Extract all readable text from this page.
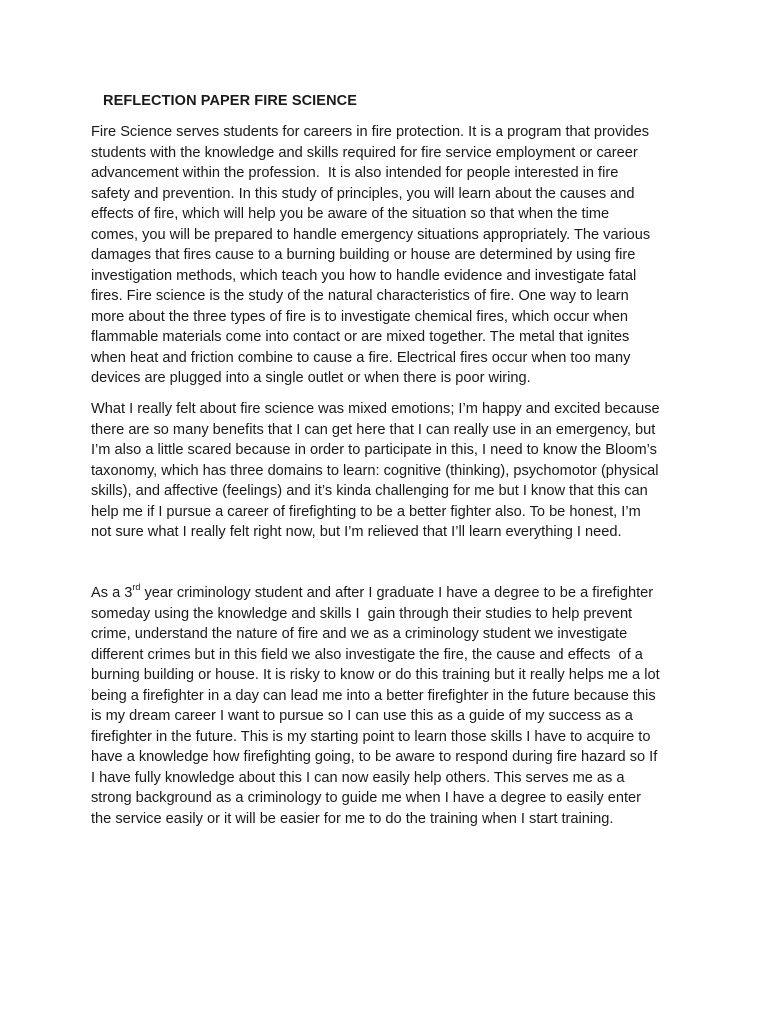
REFLECTION PAPER FIRE SCIENCE

Fire Science serves students for careers in fire protection. It is a program that provides
students with the knowledge and skills required for fire service employment or career
advancement within the profession.  It is also intended for people interested in fire
safety and prevention. In this study of principles, you will learn about the causes and
effects of fire, which will help you be aware of the situation so that when the time
comes, you will be prepared to handle emergency situations appropriately. The various
damages that fires cause to a burning building or house are determined by using fire
investigation methods, which teach you how to handle evidence and investigate fatal
fires. Fire science is the study of the natural characteristics of fire. One way to learn
more about the three types of fire is to investigate chemical fires, which occur when
flammable materials come into contact or are mixed together. The metal that ignites
when heat and friction combine to cause a fire. Electrical fires occur when too many
devices are plugged into a single outlet or when there is poor wiring.

What I really felt about fire science was mixed emotions; I’m happy and excited because
there are so many benefits that I can get here that I can really use in an emergency, but
I’m also a little scared because in order to participate in this, I need to know the Bloom’s
taxonomy, which has three domains to learn: cognitive (thinking), psychomotor (physical
skills), and affective (feelings) and it’s kinda challenging for me but I know that this can
help me if I pursue a career of firefighting to be a better fighter also. To be honest, I’m
not sure what I really felt right now, but I’m relieved that I’ll learn everything I need.

As a 3rd year criminology student and after I graduate I have a degree to be a firefighter
someday using the knowledge and skills I  gain through their studies to help prevent
crime, understand the nature of fire and we as a criminology student we investigate
different crimes but in this field we also investigate the fire, the cause and effects  of a
burning building or house. It is risky to know or do this training but it really helps me a lot
being a firefighter in a day can lead me into a better firefighter in the future because this
is my dream career I want to pursue so I can use this as a guide of my success as a
firefighter in the future. This is my starting point to learn those skills I have to acquire to
have a knowledge how firefighting going, to be aware to respond during fire hazard so If
I have fully knowledge about this I can now easily help others. This serves me as a
strong background as a criminology to guide me when I have a degree to easily enter
the service easily or it will be easier for me to do the training when I start training.
